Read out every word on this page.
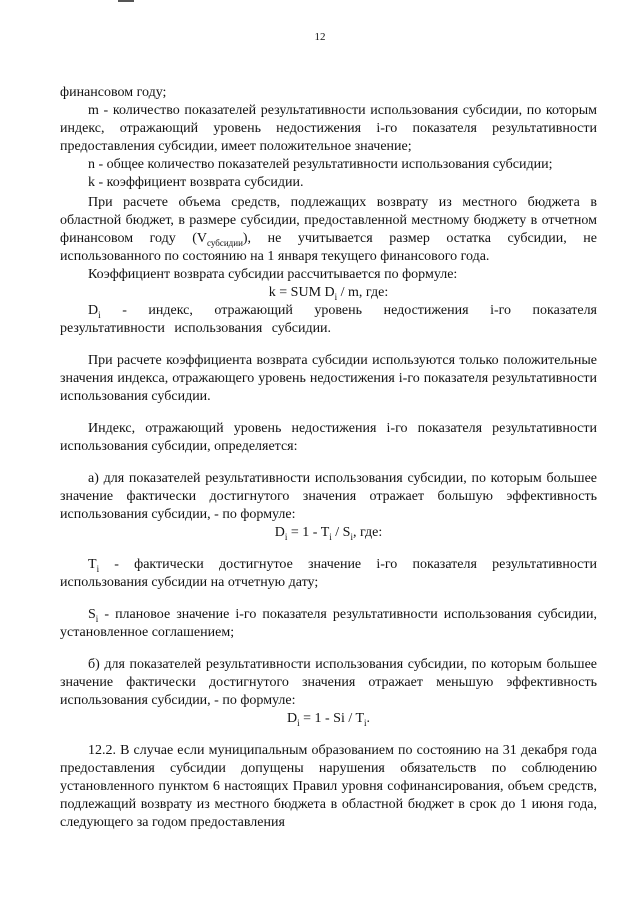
12

финансовом году;

m - количество показателей результативности использования субсидии, по которым индекс, отражающий уровень недостижения i-го показателя результативности предоставления субсидии, имеет положительное значение;

n - общее количество показателей результативности использования субсидии;

k - коэффициент возврата субсидии.

При расчете объема средств, подлежащих возврату из местного бюджета в областной бюджет, в размере субсидии, предоставленной местному бюджету в отчетном финансовом году $(V_{субсидии})$, не учитывается размер остатка субсидии, не использованного по состоянию на 1 января текущего финансового года.

Коэффициент возврата субсидии рассчитывается по формуле:

k = SUM $D_i$ / m, где:

$D_i$ - индекс, отражающий уровень недостижения i-го показателя результативности использования субсидии.

При расчете коэффициента возврата субсидии используются только положительные значения индекса, отражающего уровень недостижения i-го показателя результативности использования субсидии.

Индекс, отражающий уровень недостижения i-го показателя результативности использования субсидии, определяется:

а) для показателей результативности использования субсидии, по которым большее значение фактически достигнутого значения отражает большую эффективность использования субсидии, - по формуле:

$D_i = 1 - T_i / S_i$, где:

$T_i$ - фактически достигнутое значение i-го показателя результативности использования субсидии на отчетную дату;

$S_i$ - плановое значение i-го показателя результативности использования субсидии, установленное соглашением;

б) для показателей результативности использования субсидии, по которым большее значение фактически достигнутого значения отражает меньшую эффективность использования субсидии, - по формуле:

$D_i = 1 - Si / T_i$.

12.2. В случае если муниципальным образованием по состоянию на 31 декабря года предоставления субсидии допущены нарушения обязательств по соблюдению установленного пунктом 6 настоящих Правил уровня софинансирования, объем средств, подлежащий возврату из местного бюджета в областной бюджет в срок до 1 июня года, следующего за годом предоставления
